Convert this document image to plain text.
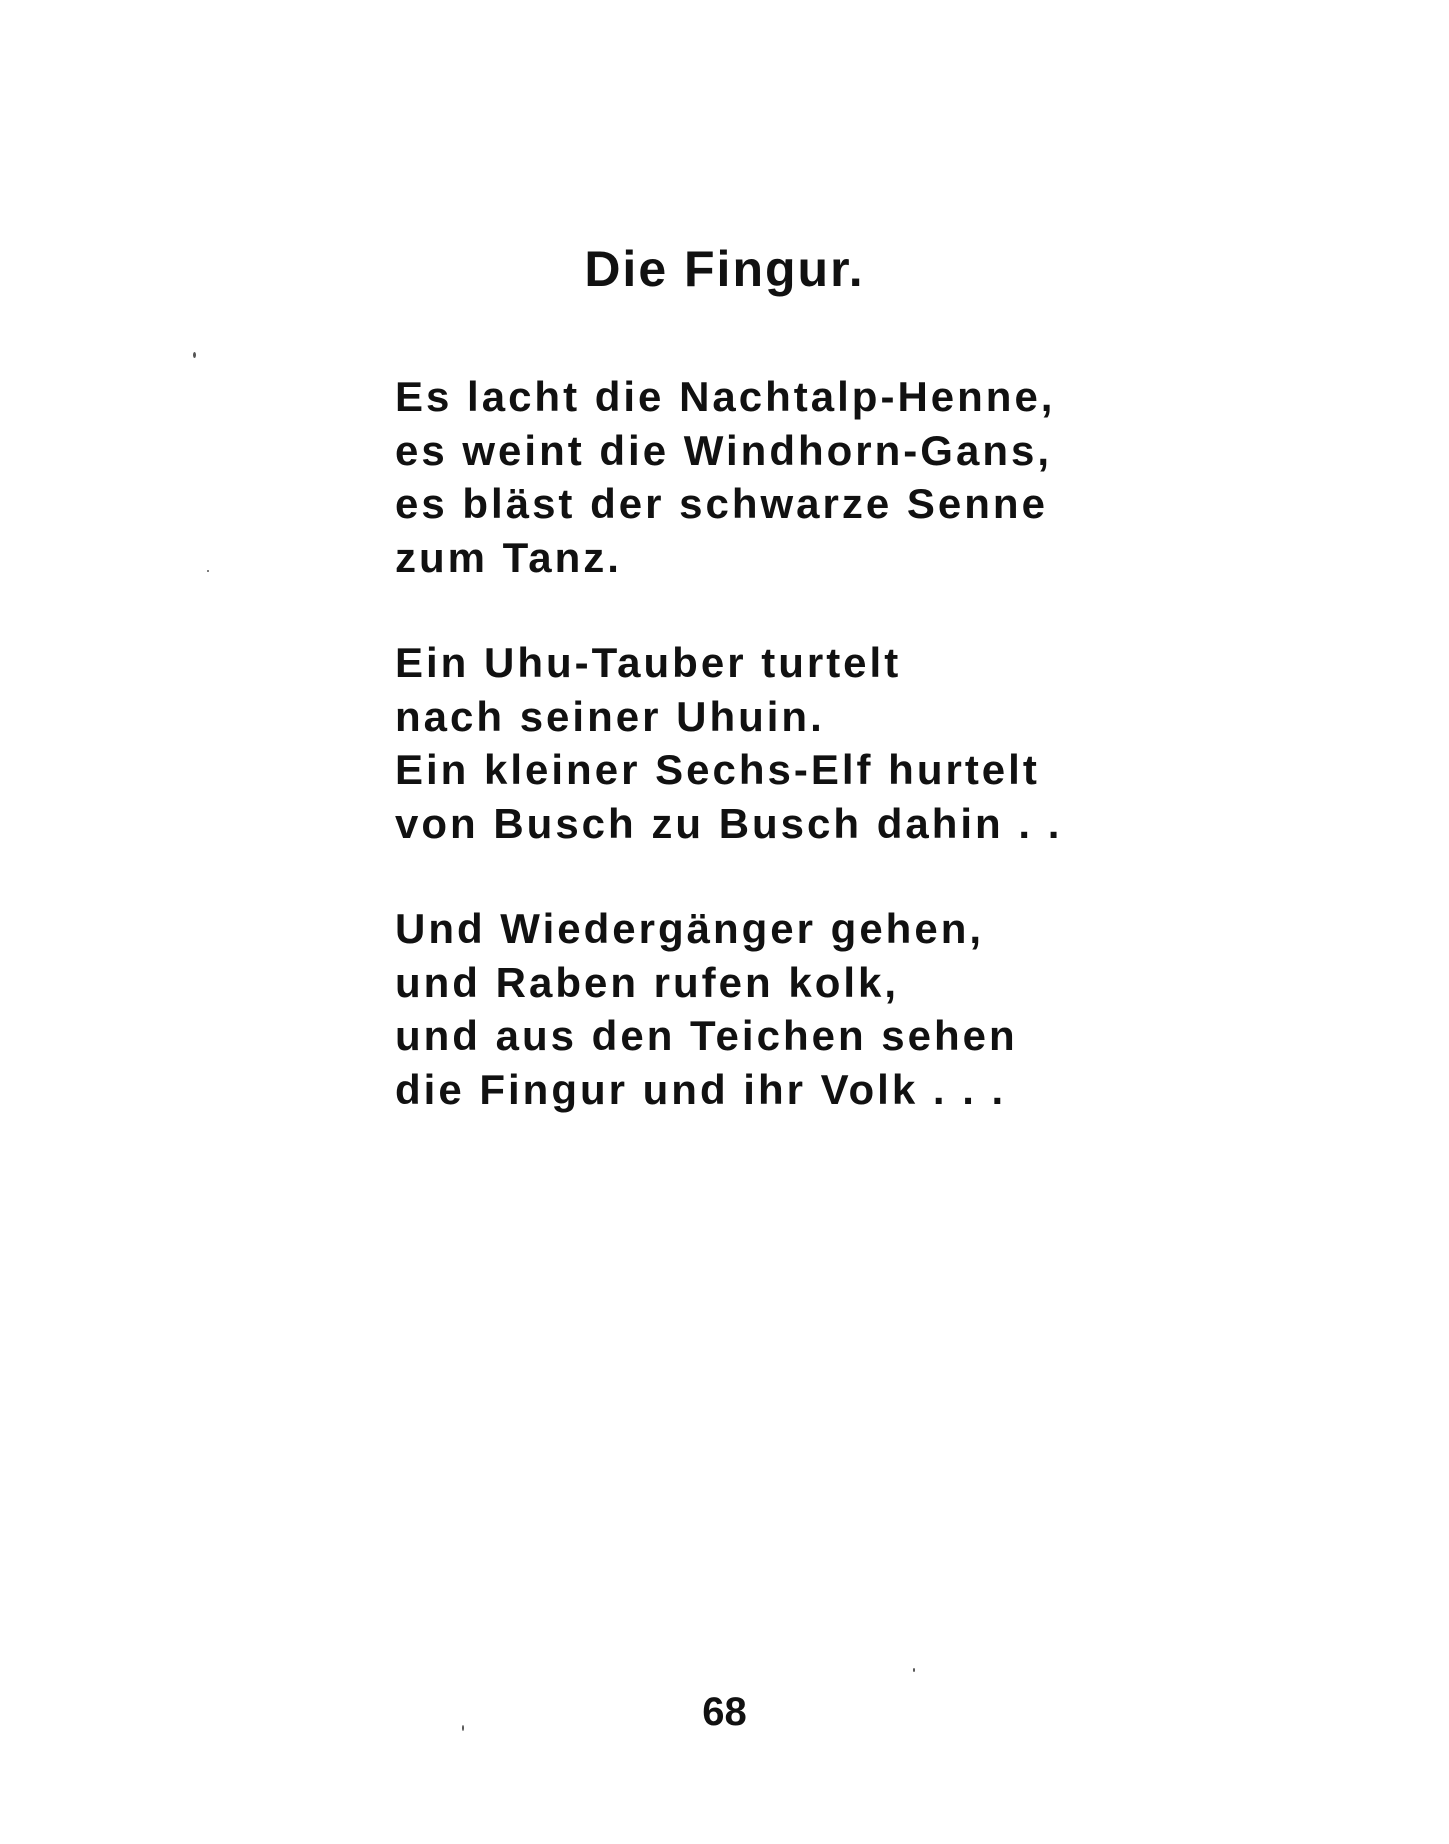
Die Fingur.
Es lacht die Nachtalp-Henne,
es weint die Windhorn-Gans,
es bläst der schwarze Senne
zum Tanz.
Ein Uhu-Tauber turtelt
nach seiner Uhuin.
Ein kleiner Sechs-Elf hurtelt
von Busch zu Busch dahin . .
Und Wiedergänger gehen,
und Raben rufen kolk,
und aus den Teichen sehen
die Fingur und ihr Volk . . .
68
